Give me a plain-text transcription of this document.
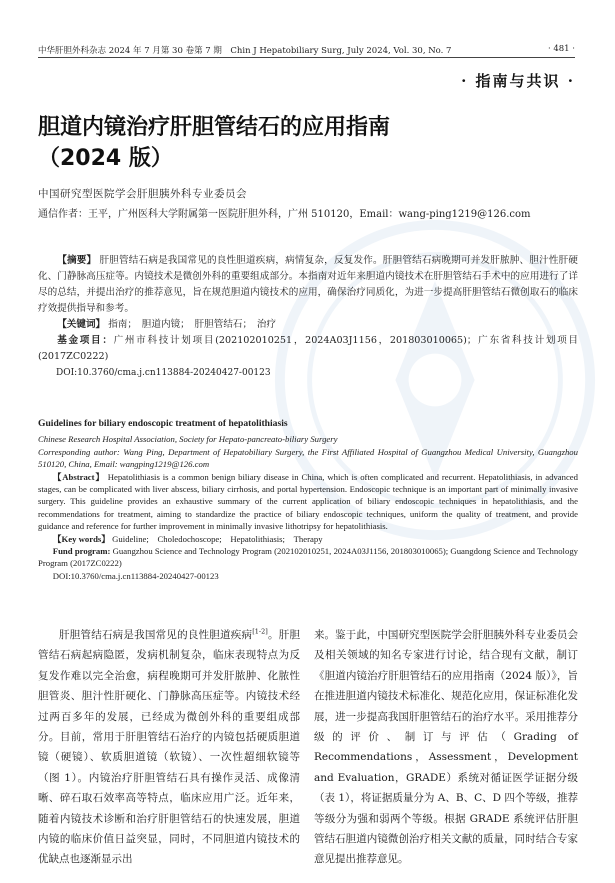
中华肝胆外科杂志 2024 年 7 月第 30 卷第 7 期　Chin J Hepatobiliary Surg, July 2024, Vol. 30, No. 7	· 481 ·
· 指南与共识 ·
胆道内镜治疗肝胆管结石的应用指南
（2024 版）
中国研究型医院学会肝胆胰外科专业委员会
通信作者：王平，广州医科大学附属第一医院肝胆外科，广州 510120，Email：wang-ping1219@126.com

【摘要】 肝胆管结石病是我国常见的良性胆道疾病，病情复杂，反复发作。肝胆管结石病晚期可并发肝脓肿、胆汁性肝硬化、门静脉高压症等。内镜技术是微创外科的重要组成部分。本指南对近年来胆道内镜技术在肝胆管结石手术中的应用进行了详尽的总结，并提出治疗的推荐意见，旨在规范胆道内镜技术的应用，确保治疗同质化，为进一步提高肝胆管结石微创取石的临床疗效提供指导和参考。

【关键词】 指南；　胆道内镜；　肝胆管结石；　治疗

基金项目：广州市科技计划项目(202102010251，2024A03J1156，201803010065)；广东省科技计划项目(2017ZC0222)

DOI:10.3760/cma.j.cn113884-20240427-00123

Guidelines for biliary endoscopic treatment of hepatolithiasis

Chinese Research Hospital Association, Society for Hepato-pancreato-biliary Surgery

Corresponding author: Wang Ping, Department of Hepatobiliary Surgery, the First Affiliated Hospital of Guangzhou Medical University, Guangzhou 510120, China, Email: wangping1219@126.com

【Abstract】 Hepatolithiasis is a common benign biliary disease in China, which is often complicated and recurrent. Hepatolithiasis, in advanced stages, can be complicated with liver abscess, biliary cirrhosis, and portal hypertension. Endoscopic technique is an important part of minimally invasive surgery. This guideline provides an exhaustive summary of the current application of biliary endoscopic techniques in hepatolithiasis, and the recommendations for treatment, aiming to standardize the practice of biliary endoscopic techniques, uniform the quality of treatment, and provide guidance and reference for further improvement in minimally invasive lithotripsy for hepatolithiasis.

【Key words】 Guideline;　Choledochoscope;　Hepatolithiasis;　Therapy

Fund program: Guangzhou Science and Technology Program (202102010251, 2024A03J1156, 201803010065); Guangdong Science and Technology Program (2017ZC0222)

DOI:10.3760/cma.j.cn113884-20240427-00123

肝胆管结石病是我国常见的良性胆道疾病[1-2]。肝胆管结石病起病隐匿，发病机制复杂，临床表现特点为反复发作难以完全治愈，病程晚期可并发肝脓肿、化脓性胆管炎、胆汁性肝硬化、门静脉高压症等。内镜技术经过两百多年的发展，已经成为微创外科的重要组成部分。目前，常用于肝胆管结石治疗的内镜包括硬质胆道镜（硬镜）、软质胆道镜（软镜）、一次性超细软镜等（图 1）。内镜治疗肝胆管结石具有操作灵活、成像清晰、碎石取石效率高等特点，临床应用广泛。近年来，随着内镜技术诊断和治疗肝胆管结石的快速发展，胆道内镜的临床价值日益突显，同时，不同胆道内镜技术的优缺点也逐渐显示出

来。鉴于此，中国研究型医院学会肝胆胰外科专业委员会及相关领域的知名专家进行讨论，结合现有文献，制订《胆道内镜治疗肝胆管结石的应用指南（2024 版）》，旨在推进胆道内镜技术标准化、规范化应用，保证标准化发展，进一步提高我国肝胆管结石的治疗水平。采用推荐分级的评价、制订与评估（Grading of Recommendations，Assessment，Development and Evaluation，GRADE）系统对循证医学证据分级（表 1），将证据质量分为 A、B、C、D 四个等级，推荐等级分为强和弱两个等级。根据 GRADE 系统评估肝胆管结石胆道内镜微创治疗相关文献的质量，同时结合专家意见提出推荐意见。
